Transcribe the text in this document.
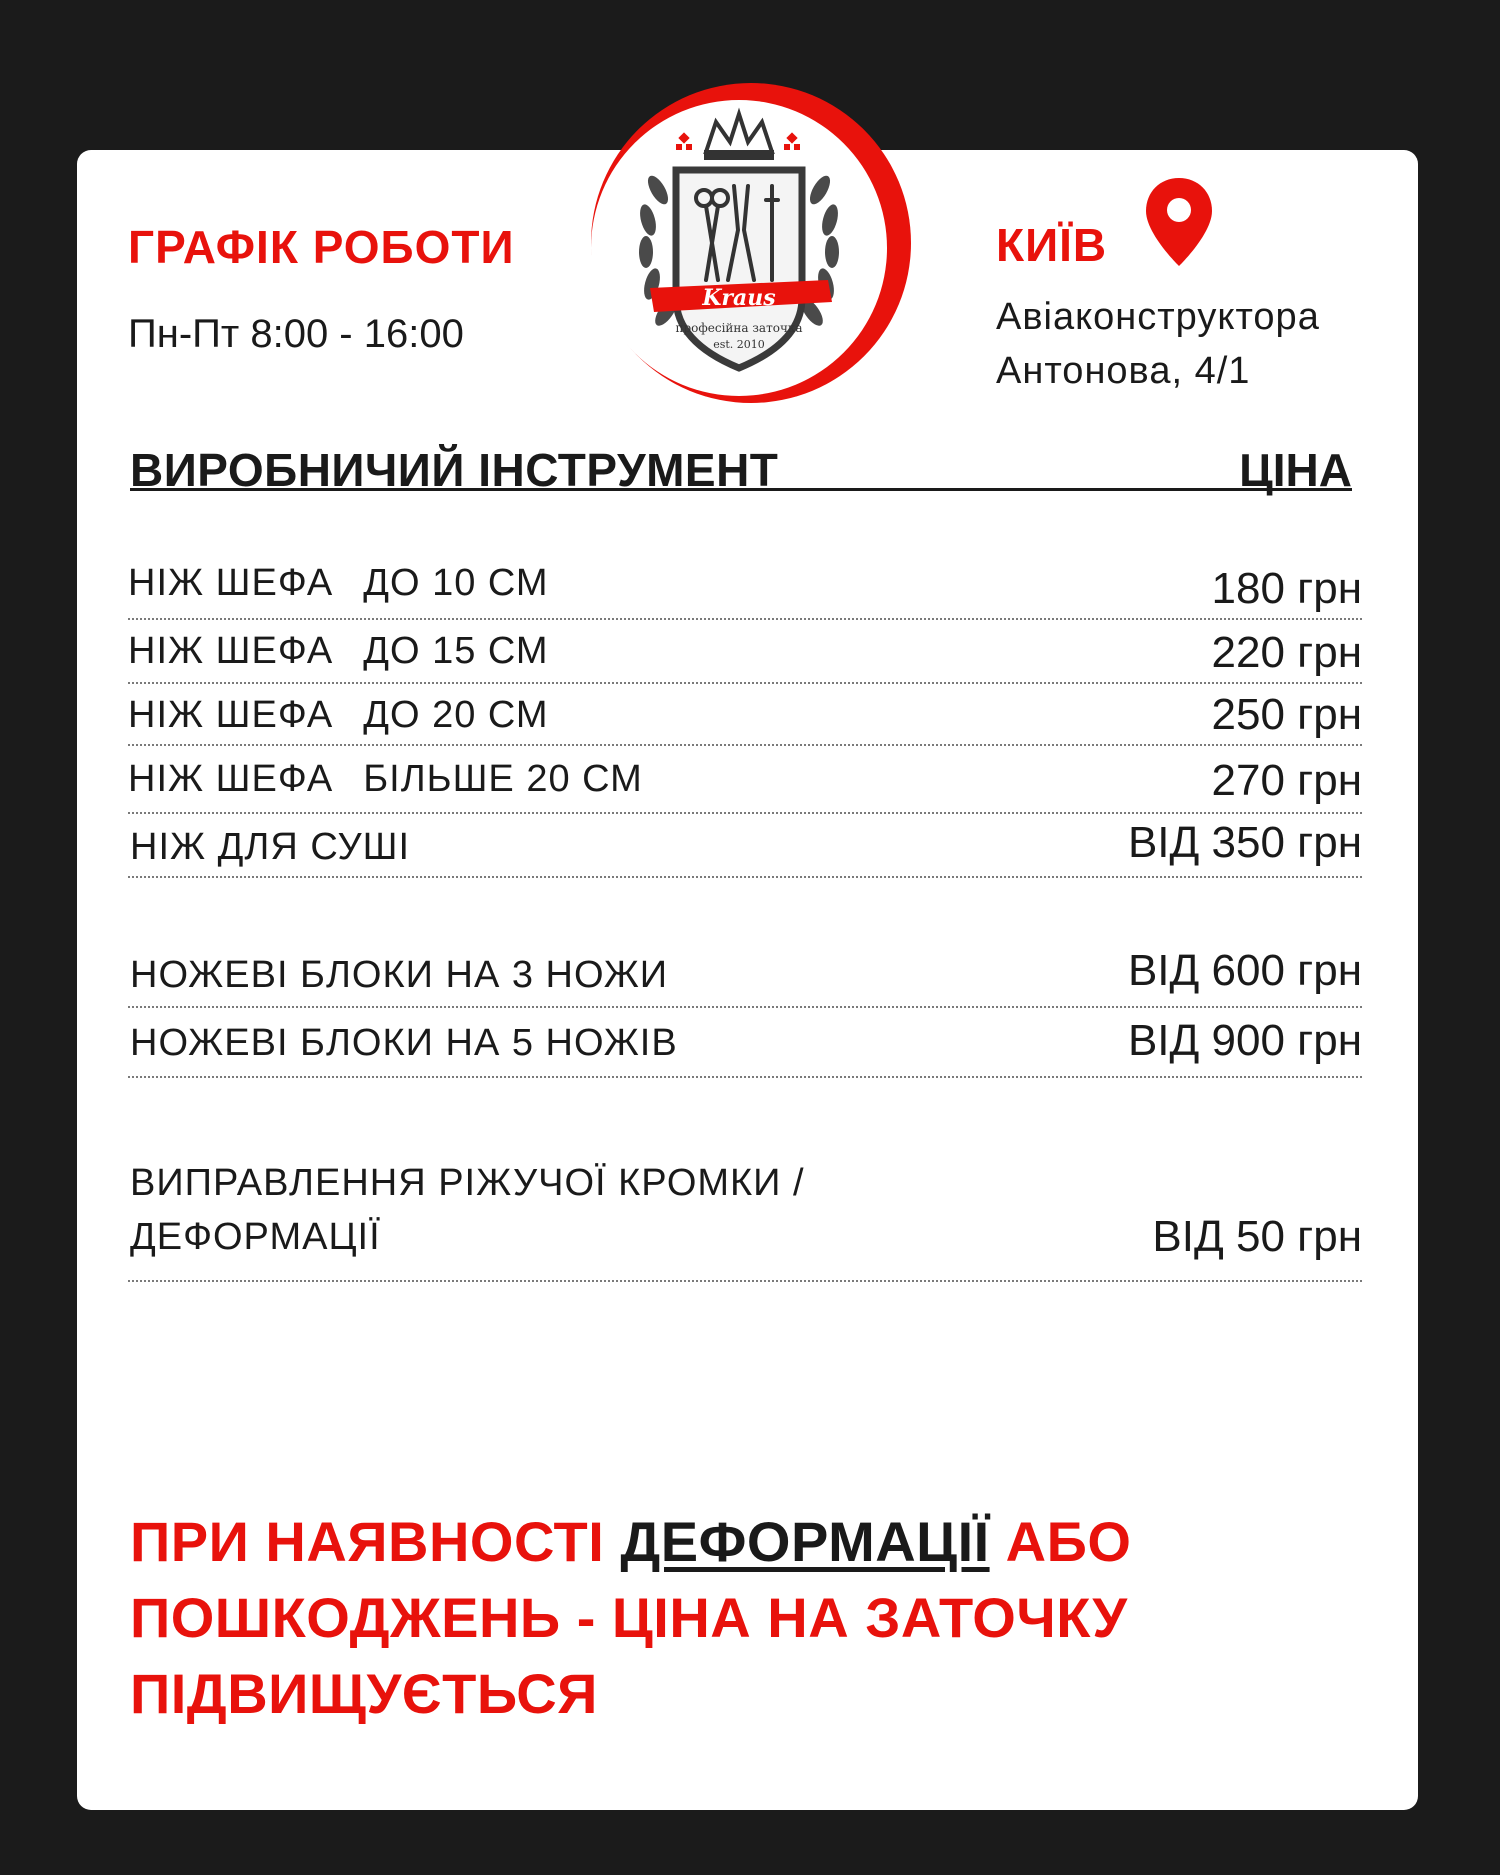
ГРАФІК РОБОТИ
Пн-Пт 8:00 - 16:00
Kraus
професійна заточка
est. 2010
КИЇВ
Авіаконструктора
Антонова, 4/1
ВИРОБНИЧИЙ ІНСТРУМЕНТ	ЦІНА
НІЖ ШЕФА ДО 10 СМ	180 грн
НІЖ ШЕФА ДО 15 СМ	220 грн
НІЖ ШЕФА ДО 20 СМ	250 грн
НІЖ ШЕФА БІЛЬШЕ 20 СМ	270 грн
НІЖ ДЛЯ СУШІ	ВІД 350 грн
НОЖЕВІ БЛОКИ НА 3 НОЖИ	ВІД 600 грн
НОЖЕВІ БЛОКИ НА 5 НОЖІВ	ВІД 900 грн
ВИПРАВЛЕННЯ РІЖУЧОЇ КРОМКИ /
ДЕФОРМАЦІЇ	ВІД 50 грн
ПРИ НАЯВНОСТІ ДЕФОРМАЦІЇ АБО ПОШКОДЖЕНЬ - ЦІНА НА ЗАТОЧКУ ПІДВИЩУЄТЬСЯ
